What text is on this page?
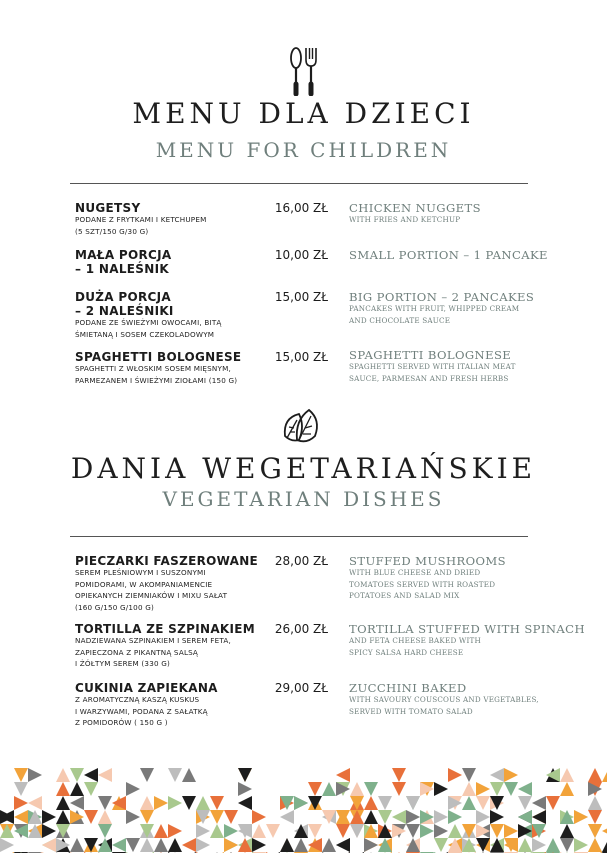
MENU DLA DZIECI
MENU FOR CHILDREN
NUGETSY
PODANE Z FRYTKAMI I KETCHUPEM
(5 SZT/150 G/30 G)
16,00 ZŁ CHICKEN NUGGETS
WITH FRIES AND KETCHUP
MAŁA PORCJA
– 1 NALEŚNIK
10,00 ZŁ SMALL PORTION – 1 PANCAKE
DUŻA PORCJA
– 2 NALEŚNIKI
PODANE ZE ŚWIEŻYMI OWOCAMI, BITĄ
ŚMIETANĄ I SOSEM CZEKOLADOWYM
15,00 ZŁ BIG PORTION – 2 PANCAKES
PANCAKES WITH FRUIT, WHIPPED CREAM
AND CHOCOLATE SAUCE
SPAGHETTI BOLOGNESE
SPAGHETTI Z WŁOSKIM SOSEM MIĘSNYM,
PARMEZANEM I ŚWIEŻYMI ZIOŁAMI (150 G)
15,00 ZŁ SPAGHETTI BOLOGNESE
SPAGHETTI SERVED WITH ITALIAN MEAT
SAUCE, PARMESAN AND FRESH HERBS
DANIA WEGETARIAŃSKIE
VEGETARIAN DISHES
PIECZARKI FASZEROWANE
SEREM PLEŚNIOWYM I SUSZONYMI
POMIDORAMI, W AKOMPANIAMENCIE
OPIEKANYCH ZIEMNIAKÓW I MIXU SAŁAT
(160 G/150 G/100 G)
28,00 ZŁ STUFFED MUSHROOMS
WITH BLUE CHEESE AND DRIED
TOMATOES SERVED WITH ROASTED
POTATOES AND SALAD MIX
TORTILLA ZE SZPINAKIEM
NADZIEWANA SZPINAKIEM I SEREM FETA,
ZAPIECZONA Z PIKANTNĄ SALSĄ
I ŻÓŁTYM SEREM (330 G)
26,00 ZŁ TORTILLA STUFFED WITH SPINACH
AND FETA CHEESE BAKED WITH
SPICY SALSA HARD CHEESE
CUKINIA ZAPIEKANA
Z AROMATYCZNĄ KASZĄ KUSKUS
I WARZYWAMI, PODANA Z SAŁATKĄ
Z POMIDORÓW ( 150 G )
29,00 ZŁ ZUCCHINI BAKED
WITH SAVOURY COUSCOUS AND VEGETABLES,
SERVED WITH TOMATO SALAD
